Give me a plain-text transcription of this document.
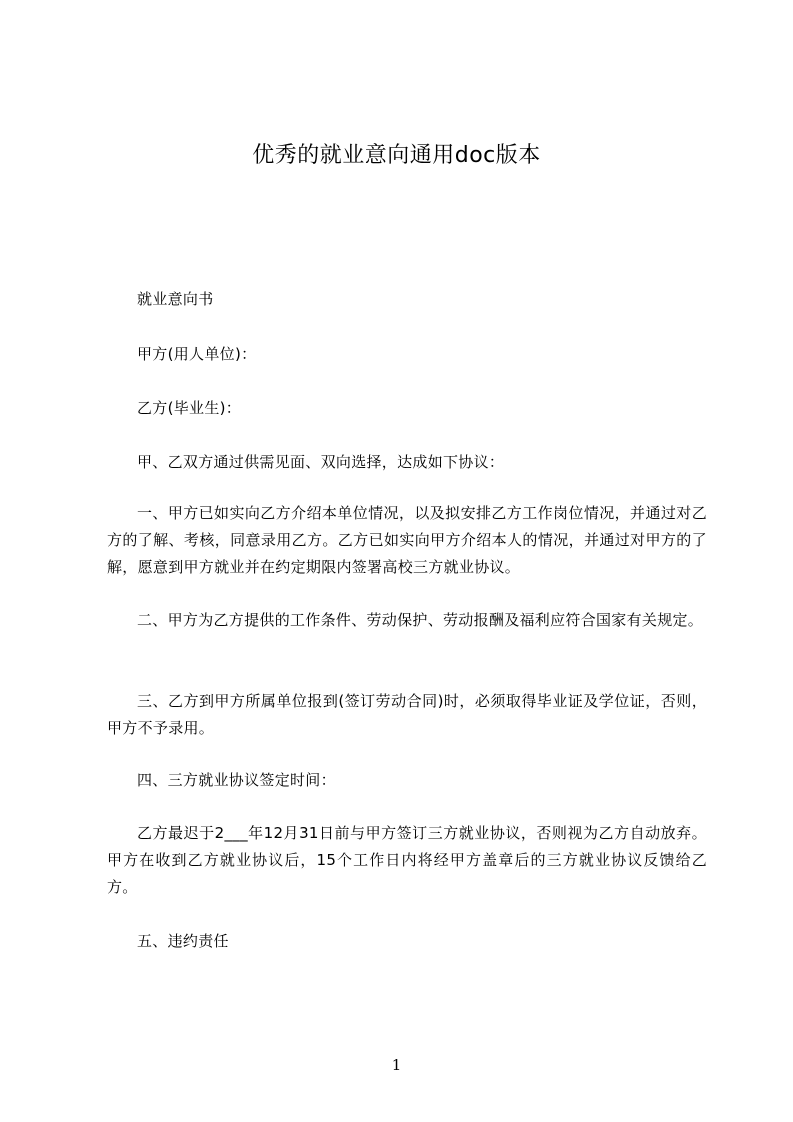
优秀的就业意向通用doc版本

就业意向书

甲方(用人单位)：

乙方(毕业生)：

甲、乙双方通过供需见面、双向选择，达成如下协议：

一、甲方已如实向乙方介绍本单位情况，以及拟安排乙方工作岗位情况，并通过对乙方的了解、考核，同意录用乙方。乙方已如实向甲方介绍本人的情况，并通过对甲方的了解，愿意到甲方就业并在约定期限内签署高校三方就业协议。

二、甲方为乙方提供的工作条件、劳动保护、劳动报酬及福利应符合国家有关规定。

三、乙方到甲方所属单位报到(签订劳动合同)时，必须取得毕业证及学位证，否则，甲方不予录用。

四、三方就业协议签定时间：

乙方最迟于2___年12月31日前与甲方签订三方就业协议，否则视为乙方自动放弃。甲方在收到乙方就业协议后，15个工作日内将经甲方盖章后的三方就业协议反馈给乙方。

五、违约责任

1
